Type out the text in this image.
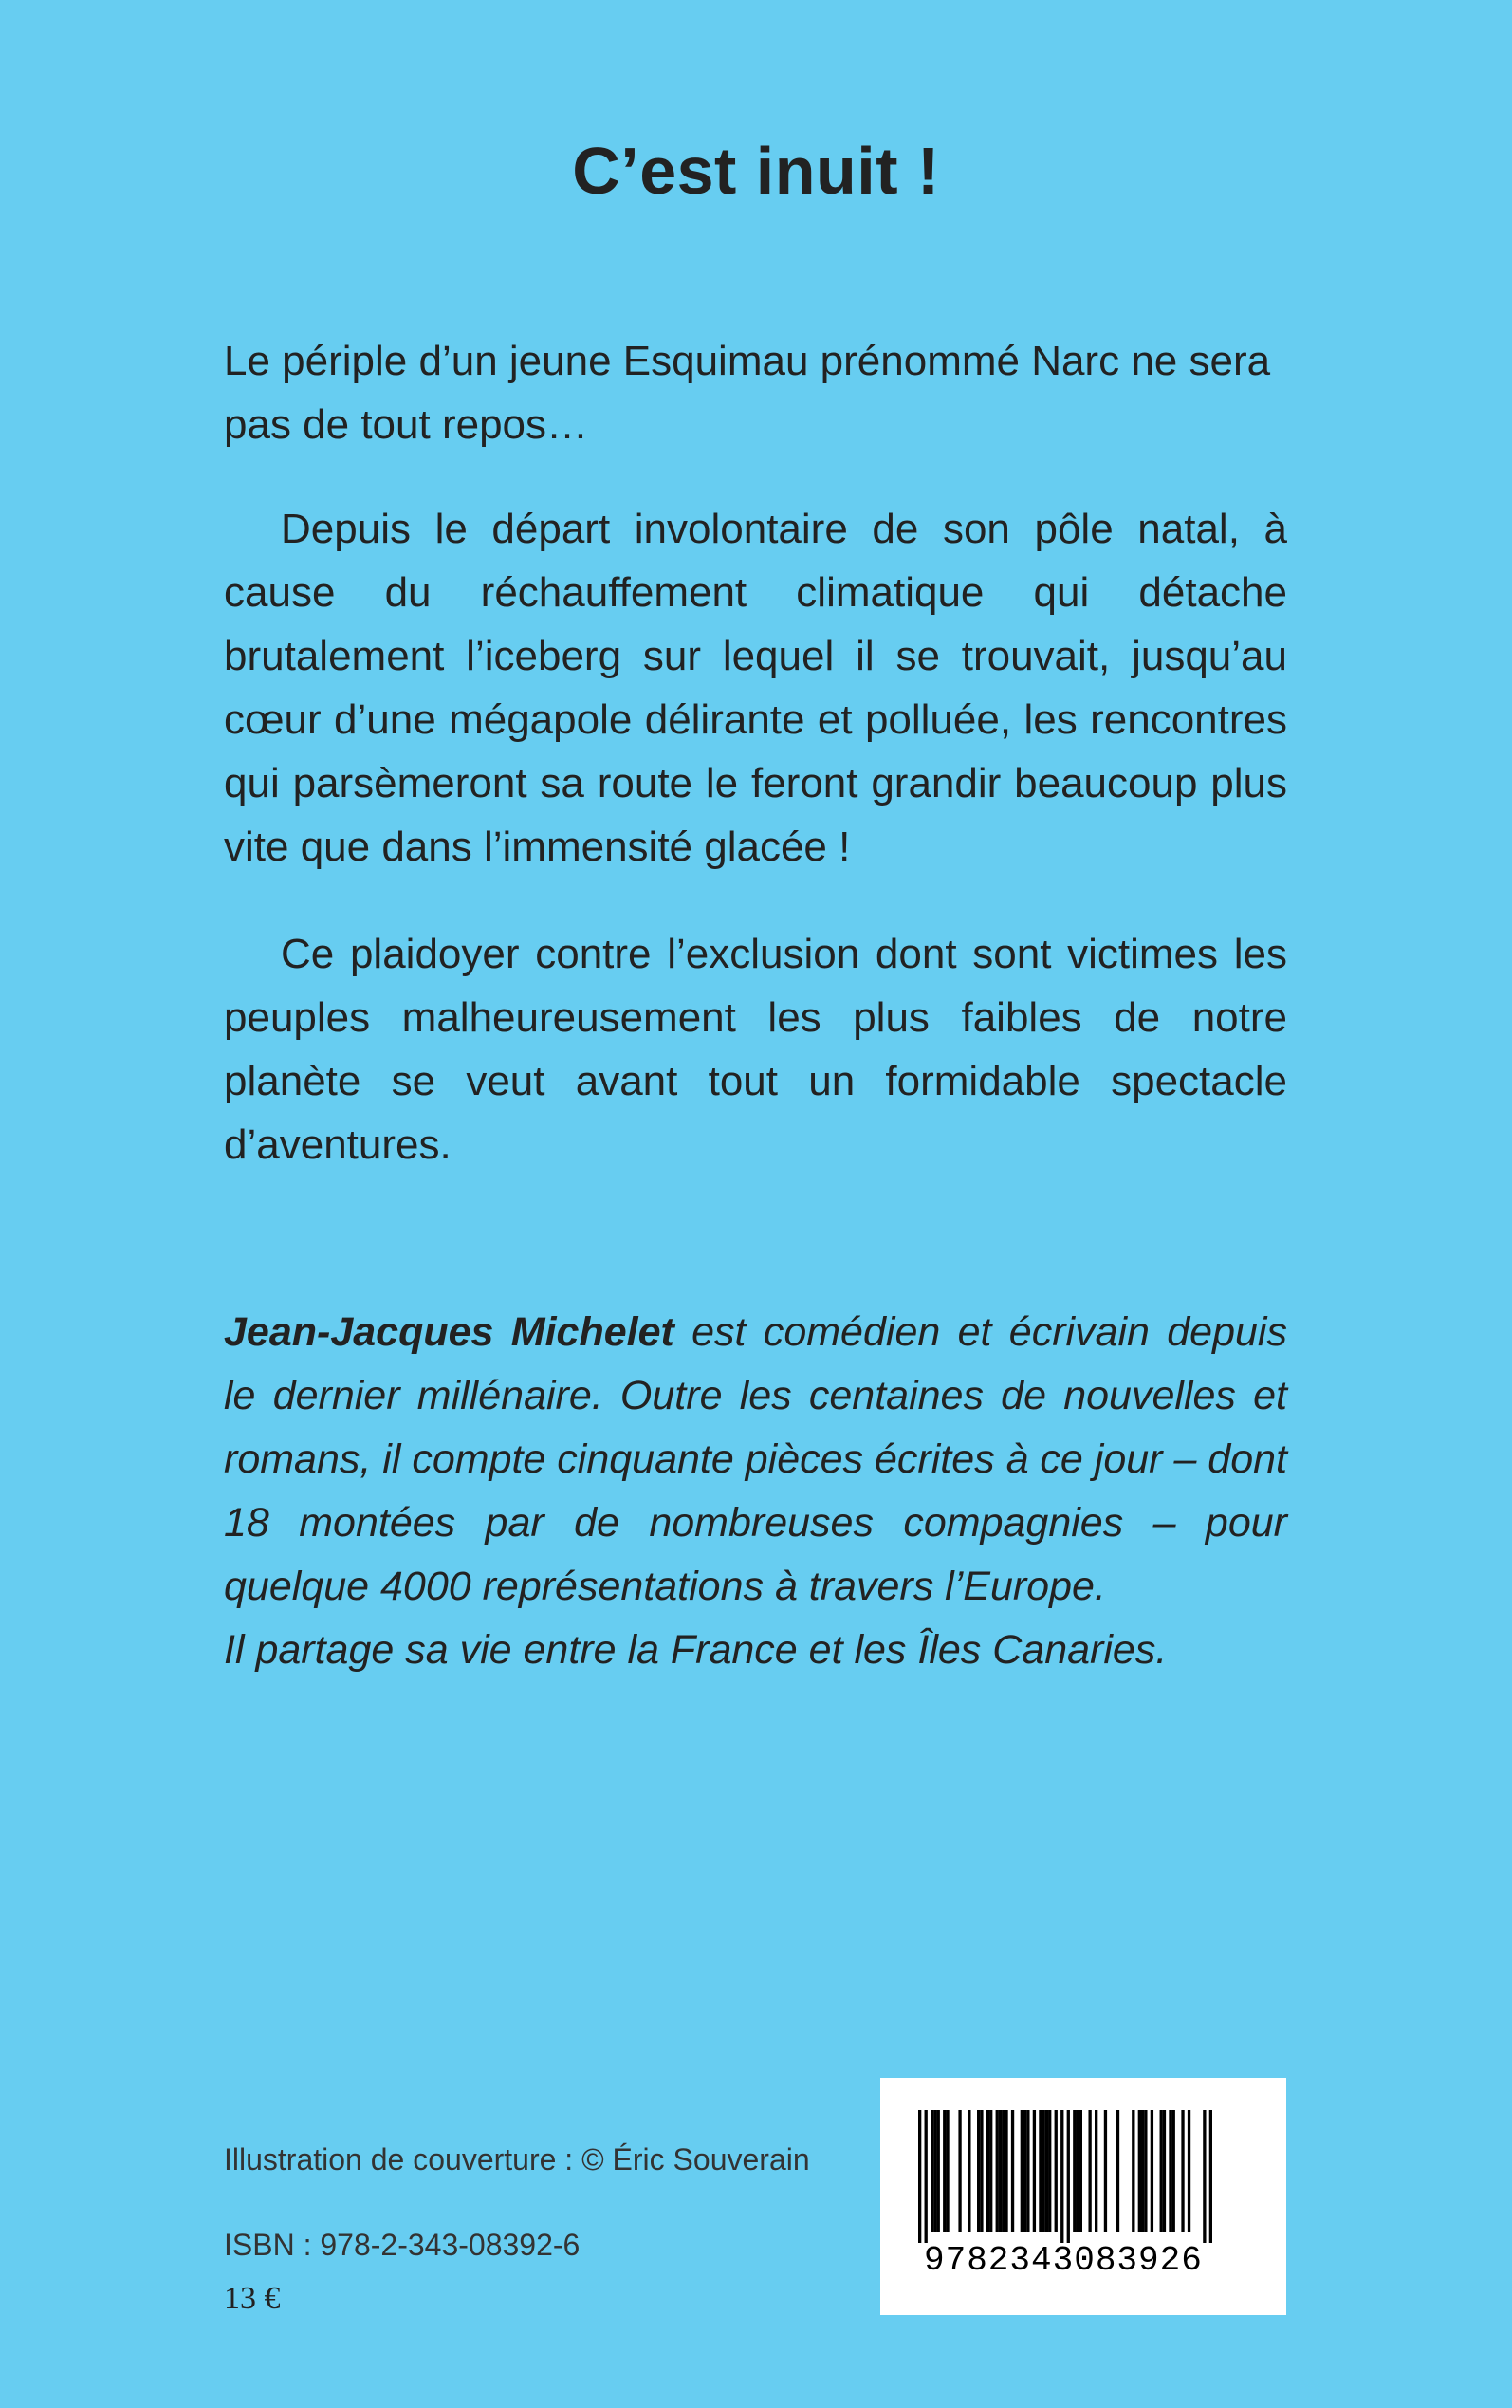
C’est inuit !

Le périple d’un jeune Esquimau prénommé Narc ne sera pas de tout repos…

Depuis le départ involontaire de son pôle natal, à cause du réchauffement climatique qui détache brutalement l’iceberg sur lequel il se trouvait, jusqu’au cœur d’une mégapole délirante et polluée, les rencontres qui parsèmeront sa route le feront grandir beaucoup plus vite que dans l’immensité glacée !

Ce plaidoyer contre l’exclusion dont sont victimes les peuples malheureusement les plus faibles de notre planète se veut avant tout un formidable spectacle d’aventures.

Jean-Jacques Michelet est comédien et écrivain depuis le dernier millénaire. Outre les centaines de nouvelles et romans, il compte cinquante pièces écrites à ce jour – dont 18 montées par de nombreuses compagnies – pour quelque 4000 représentations à travers l’Europe.

Il partage sa vie entre la France et les Îles Canaries.

Illustration de couverture : © Éric Souverain
ISBN : 978-2-343-08392-6
13 €
9782343083926
